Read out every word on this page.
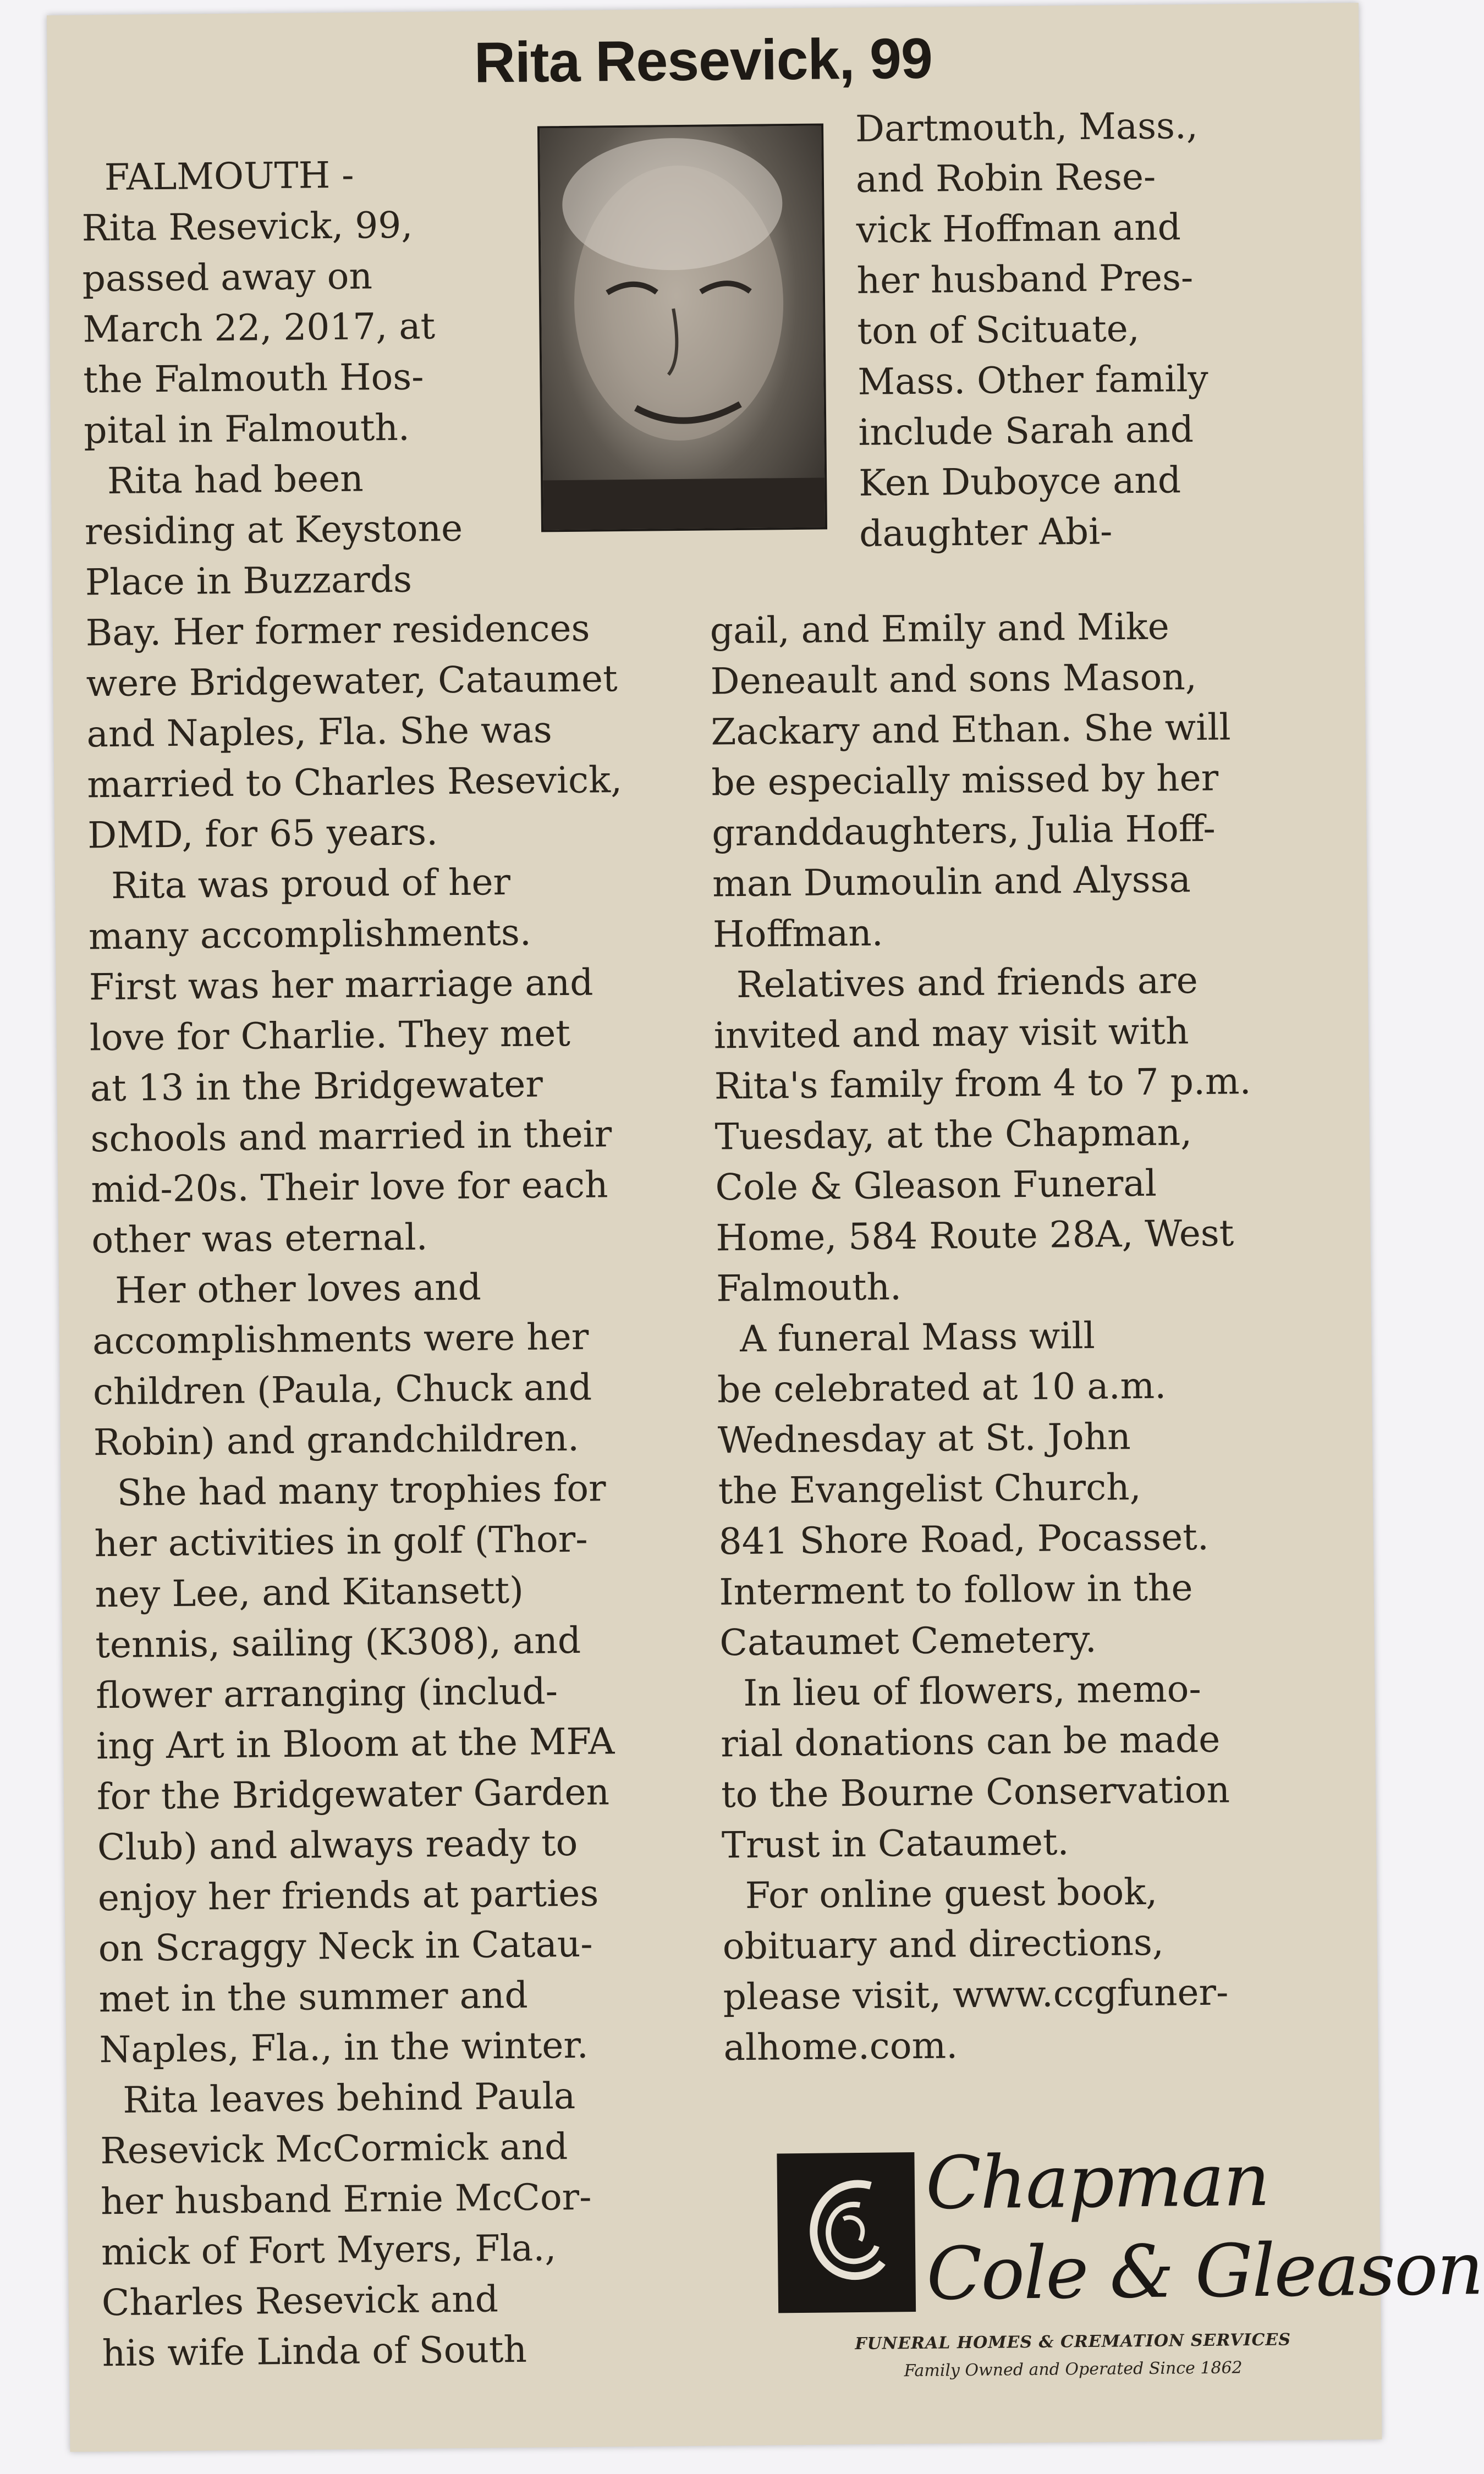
Rita Resevick, 99

FALMOUTH -

Rita Resevick, 99,

passed away on

March 22, 2017, at

the Falmouth Hos-

pital in Falmouth.

Rita had been

residing at Keystone

Place in Buzzards

Bay. Her former residences

were Bridgewater, Cataumet

and Naples, Fla. She was

married to Charles Resevick,

DMD, for 65 years.

Rita was proud of her

many accomplishments.

First was her marriage and

love for Charlie. They met

at 13 in the Bridgewater

schools and married in their

mid-20s. Their love for each

other was eternal.

Her other loves and

accomplishments were her

children (Paula, Chuck and

Robin) and grandchildren.

She had many trophies for

her activities in golf (Thor-

ney Lee, and Kitansett)

tennis, sailing (K308), and

flower arranging (includ-

ing Art in Bloom at the MFA

for the Bridgewater Garden

Club) and always ready to

enjoy her friends at parties

on Scraggy Neck in Catau-

met in the summer and

Naples, Fla., in the winter.

Rita leaves behind Paula

Resevick McCormick and

her husband Ernie McCor-

mick of Fort Myers, Fla.,

Charles Resevick and

his wife Linda of South

Dartmouth, Mass.,

and Robin Rese-

vick Hoffman and

her husband Pres-

ton of Scituate,

Mass. Other family

include Sarah and

Ken Duboyce and

daughter Abi-

gail, and Emily and Mike

Deneault and sons Mason,

Zackary and Ethan. She will

be especially missed by her

granddaughters, Julia Hoff-

man Dumoulin and Alyssa

Hoffman.

Relatives and friends are

invited and may visit with

Rita's family from 4 to 7 p.m.

Tuesday, at the Chapman,

Cole & Gleason Funeral

Home, 584 Route 28A, West

Falmouth.

A funeral Mass will

be celebrated at 10 a.m.

Wednesday at St. John

the Evangelist Church,

841 Shore Road, Pocasset.

Interment to follow in the

Cataumet Cemetery.

In lieu of flowers, memo-

rial donations can be made

to the Bourne Conservation

Trust in Cataumet.

For online guest book,

obituary and directions,

please visit, www.ccgfuner-

alhome.com.

Chapman
Cole & Gleason
FUNERAL HOMES & CREMATION SERVICES
Family Owned and Operated Since 1862
